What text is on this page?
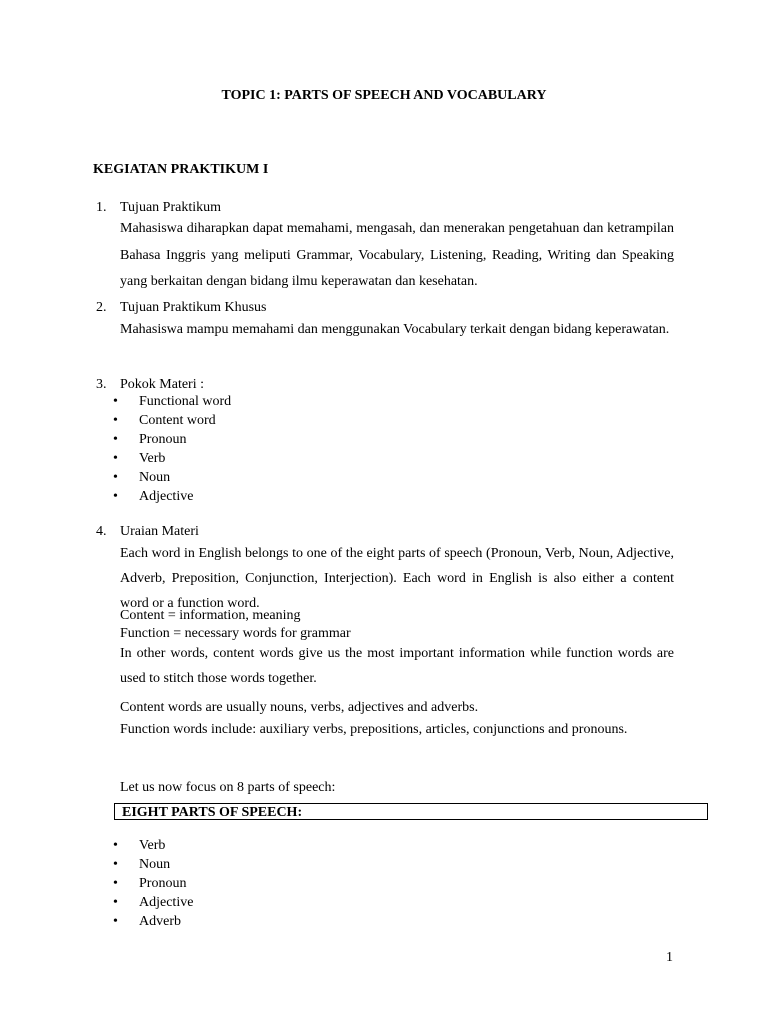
TOPIC 1: PARTS OF SPEECH AND VOCABULARY
KEGIATAN PRAKTIKUM I
1. Tujuan Praktikum

Mahasiswa diharapkan dapat memahami, mengasah, dan menerakan pengetahuan dan ketrampilan Bahasa Inggris yang meliputi Grammar, Vocabulary, Listening, Reading, Writing dan Speaking yang berkaitan dengan bidang ilmu keperawatan dan kesehatan.

2. Tujuan Praktikum Khusus

Mahasiswa mampu memahami dan menggunakan Vocabulary terkait dengan bidang keperawatan.

3. Pokok Materi :
Functional word
Content word
Pronoun
Verb
Noun
Adjective
4. Uraian Materi

Each word in English belongs to one of the eight parts of speech (Pronoun, Verb, Noun, Adjective, Adverb, Preposition, Conjunction, Interjection). Each word in English is also either a content word or a function word.

Content = information, meaning
Function = necessary words for grammar

In other words, content words give us the most important information while function words are used to stitch those words together.

Content words are usually nouns, verbs, adjectives and adverbs.

Function words include: auxiliary verbs, prepositions, articles, conjunctions and pronouns.

Let us now focus on 8 parts of speech:
EIGHT PARTS OF SPEECH:
Verb
Noun
Pronoun
Adjective
Adverb
1
